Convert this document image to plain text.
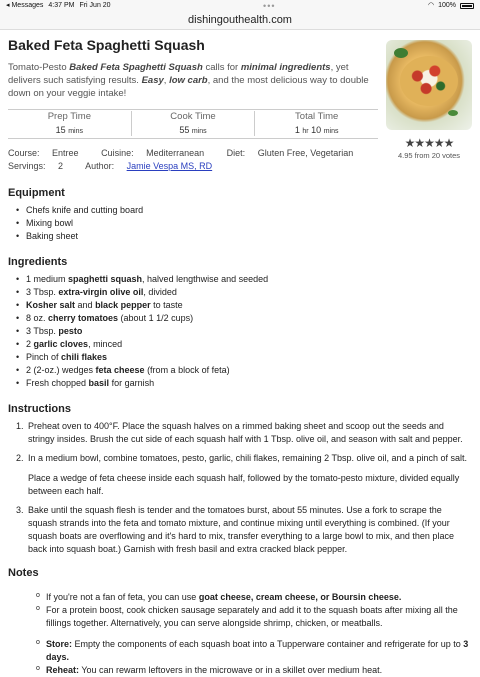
◂ Messages 4:37 PM Fri Jun 20	•••	◠ 100%
dishingouthealth.com
★★★★★
4.95 from 20 votes
Baked Feta Spaghetti Squash
Tomato-Pesto Baked Feta Spaghetti Squash calls for minimal ingredients, yet delivers such satisfying results. Easy, low carb, and the most delicious way to double down on your veggie intake!
Prep Time
15 mins
Cook Time
55 mins
Total Time
1 hr 10 mins
Course: Entree	Cuisine: Mediterranean	Diet: Gluten Free, Vegetarian
Servings: 2 Author: Jamie Vespa MS, RD
Equipment
• Chefs knife and cutting board
• Mixing bowl
• Baking sheet
Ingredients
• 1 medium spaghetti squash, halved lengthwise and seeded
• 3 Tbsp. extra-virgin olive oil, divided
• Kosher salt and black pepper to taste
• 8 oz. cherry tomatoes (about 1 1/2 cups)
• 3 Tbsp. pesto
• 2 garlic cloves, minced
• Pinch of chili flakes
• 2 (2-oz.) wedges feta cheese (from a block of feta)
• Fresh chopped basil for garnish
Instructions
1. Preheat oven to 400°F. Place the squash halves on a rimmed baking sheet and scoop out the seeds and stringy insides. Brush the cut side of each squash half with 1 Tbsp. olive oil, and season with salt and pepper.
2. In a medium bowl, combine tomatoes, pesto, garlic, chili flakes, remaining 2 Tbsp. olive oil, and a pinch of salt.

Place a wedge of feta cheese inside each squash half, followed by the tomato-pesto mixture, divided equally between each half.

3. Bake until the squash flesh is tender and the tomatoes burst, about 55 minutes. Use a fork to scrape the squash strands into the feta and tomato mixture, and continue mixing until everything is combined. (If your squash boats are overflowing and it's hard to mix, transfer everything to a large bowl to mix, and then place back into squash boat.) Garnish with fresh basil and extra cracked black pepper.
Notes
o If you're not a fan of feta, you can use goat cheese, cream cheese, or Boursin cheese.
o For a protein boost, cook chicken sausage separately and add it to the squash boats after mixing all the fillings together. Alternatively, you can serve alongside shrimp, chicken, or meatballs.
o Store: Empty the components of each squash boat into a Tupperware container and refrigerate for up to 3 days.
o Reheat: You can rewarm leftovers in the microwave or in a skillet over medium heat.
